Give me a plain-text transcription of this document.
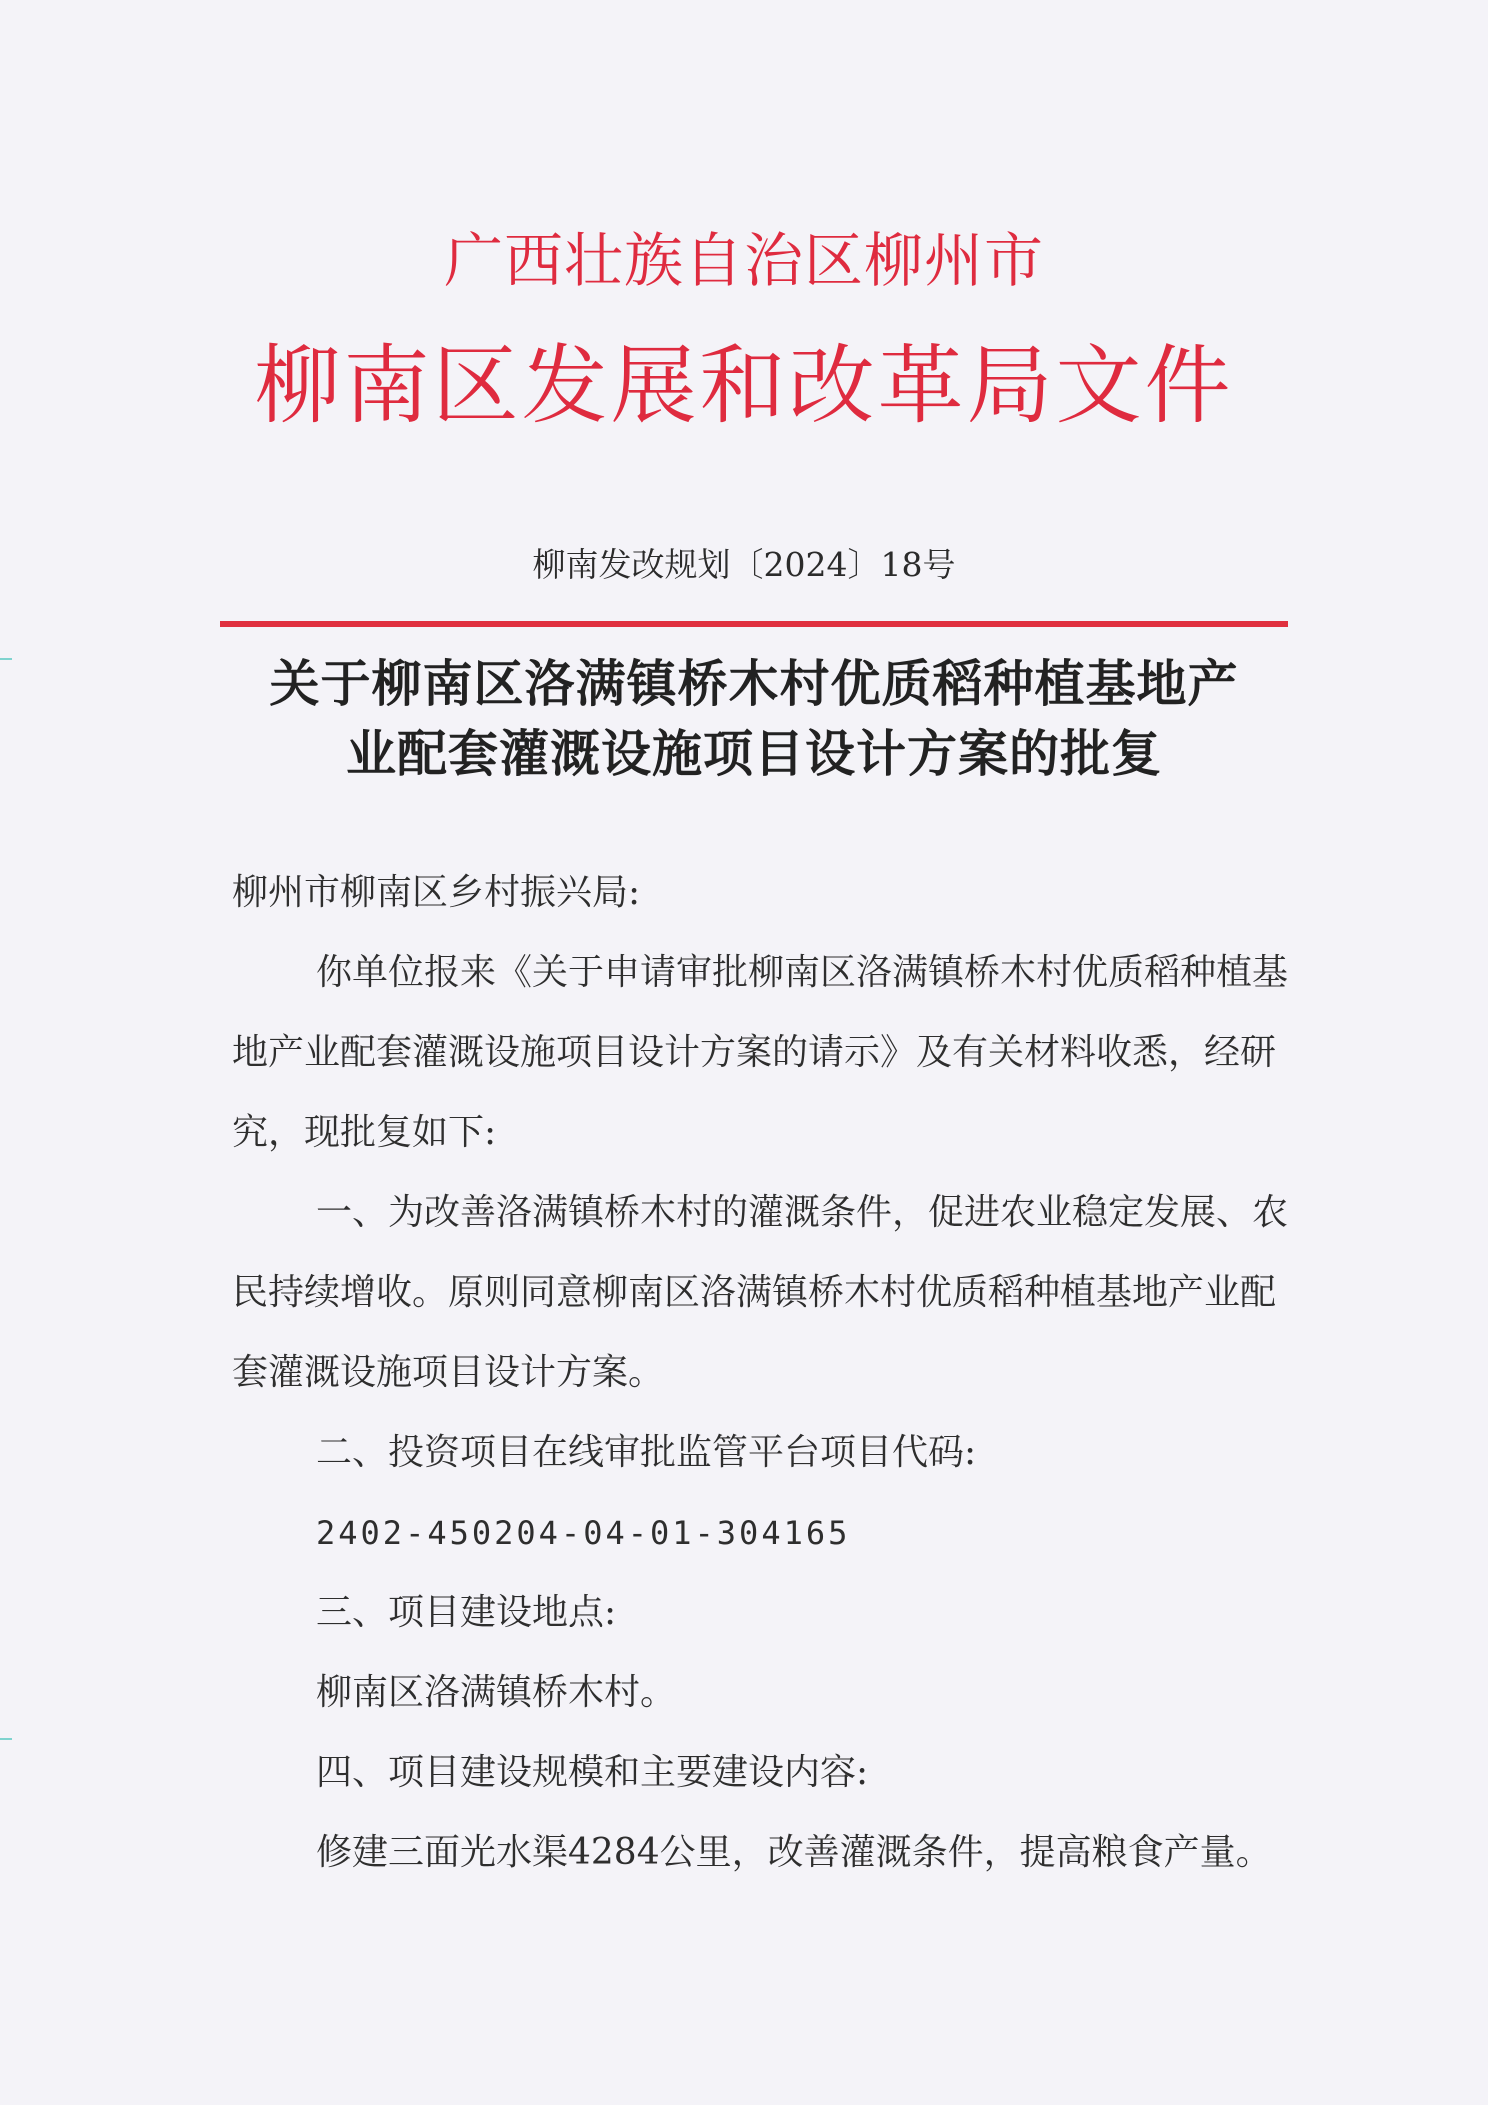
广西壮族自治区柳州市
柳南区发展和改革局文件
柳南发改规划〔2024〕18号
关于柳南区洛满镇桥木村优质稻种植基地产
业配套灌溉设施项目设计方案的批复

柳州市柳南区乡村振兴局:

你单位报来《关于申请审批柳南区洛满镇桥木村优质稻种植基地产业配套灌溉设施项目设计方案的请示》及有关材料收悉，经研究，现批复如下:

一、为改善洛满镇桥木村的灌溉条件，促进农业稳定发展、农民持续增收。原则同意柳南区洛满镇桥木村优质稻种植基地产业配套灌溉设施项目设计方案。

二、投资项目在线审批监管平台项目代码:

2402-450204-04-01-304165

三、项目建设地点:

柳南区洛满镇桥木村。

四、项目建设规模和主要建设内容:

修建三面光水渠4284公里，改善灌溉条件，提高粮食产量。
